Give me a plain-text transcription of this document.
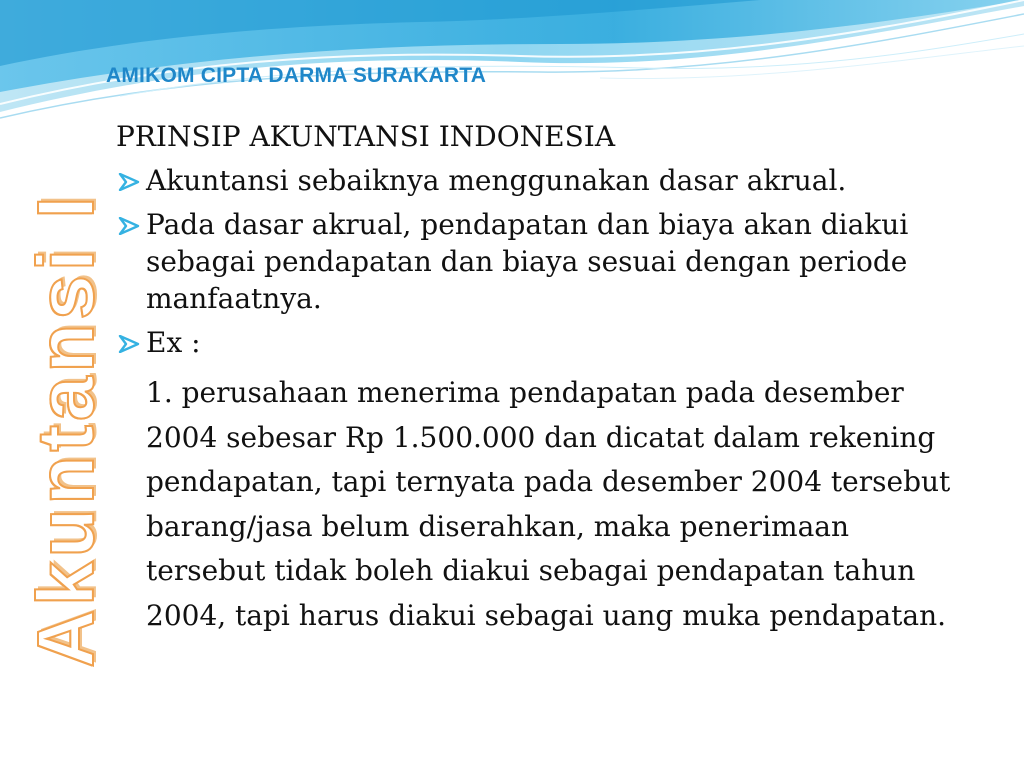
AMIKOM CIPTA DARMA SURAKARTA
Akuntansi I

PRINSIP AKUNTANSI INDONESIA

Akuntansi sebaiknya menggunakan dasar akrual.
Pada dasar akrual, pendapatan dan biaya akan diakui sebagai pendapatan dan biaya sesuai dengan periode manfaatnya.
Ex :

1. perusahaan menerima pendapatan pada desember 2004 sebesar Rp 1.500.000 dan dicatat dalam rekening pendapatan, tapi ternyata pada desember 2004 tersebut barang/jasa belum diserahkan, maka penerimaan tersebut tidak boleh diakui sebagai pendapatan tahun 2004, tapi harus diakui sebagai uang muka pendapatan.
